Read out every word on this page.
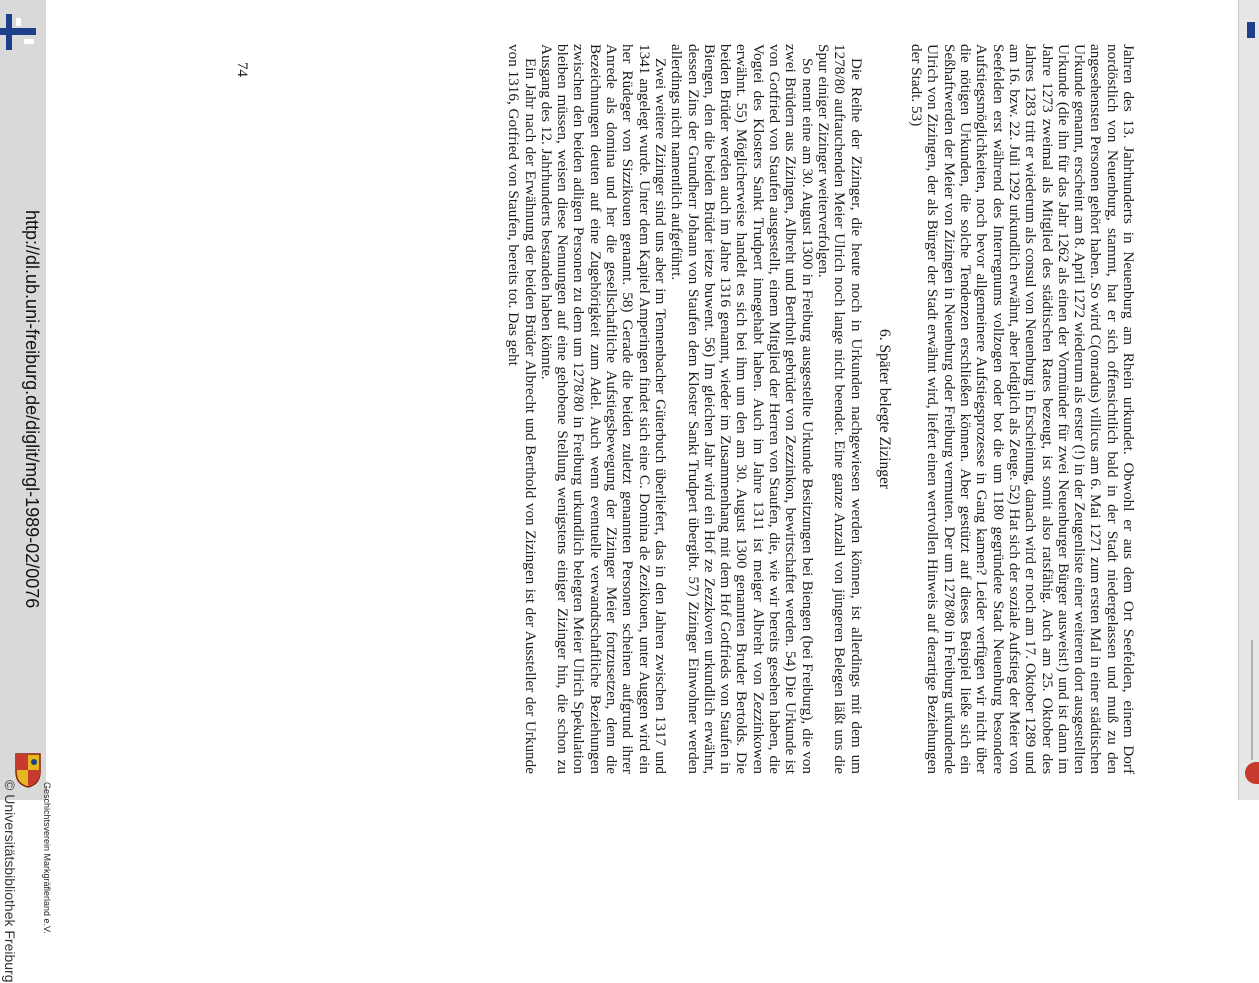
http://dl.ub.uni-freiburg.de/diglit/mgl-1989-02/0076
© Universitätsbibliothek Freiburg	Geschichtsverein Markgräflerland e.V.

Jahren des 13. Jahrhunderts in Neuenburg am Rhein urkundet. Obwohl er aus dem Ort Seefelden, einem Dorf nordöstlich von Neuenburg, stammt, hat er sich offensichtlich bald in der Stadt niedergelassen und muß zu den angesehensten Personen gehört haben. So wird C(onradus) villicus am 6. Mai 1271 zum ersten Mal in einer städtischen Urkunde genannt, erscheint am 8. April 1272 wiederum als erster (!) in der Zeugenliste einer weiteren dort ausgestellten Urkunde (die ihn für das Jahr 1262 als einen der Vormünder für zwei Neuenburger Bürger ausweist!) und ist dann im Jahre 1273 zweimal als Mitglied des städtischen Rates bezeugt, ist somit also ratsfähig. Auch am 25. Oktober des Jahres 1283 tritt er wiederum als consul von Neuenburg in Erscheinung, danach wird er noch am 17. Oktober 1289 und am 16. bzw. 22. Juli 1292 urkundlich erwähnt, aber lediglich als Zeuge. 52) Hat sich der soziale Aufstieg der Meier von Seefelden erst während des Interregnums vollzogen oder bot die um 1180 gegründete Stadt Neuenburg besondere Aufstiegsmöglichkeiten, noch bevor allgemeinere Aufstiegsprozesse in Gang kamen? Leider verfügen wir nicht über die nötigen Urkunden, die solche Tendenzen erschließen können. Aber gestützt auf dieses Beispiel ließe sich ein Seßhaftwerden der Meier von Zizingen in Neuenburg oder Freiburg vermuten. Der um 1278/80 in Freiburg urkundende Ulrich von Zizingen, der als Bürger der Stadt erwähnt wird, liefert einen wertvollen Hinweis auf derartige Beziehungen der Stadt. 53)

6. Später belegte Zizinger

Die Reihe der Zizinger, die heute noch in Urkunden nachgewiesen werden können, ist allerdings mit dem um 1278/80 auftauchenden Meier Ulrich noch lange nicht beendet. Eine ganze Anzahl von jüngeren Belegen läßt uns die Spur einiger Zizinger weiterverfolgen.

So nennt eine am 30. August 1300 in Freiburg ausgestellte Urkunde Besitzungen bei Biengen (bei Freiburg), die von zwei Brüdern aus Zizingen, Albreht und Bertholt gebrüder von Zezzinkon, bewirtschaftet werden. 54) Die Urkunde ist von Gotfried von Staufen ausgestellt, einem Mitglied der Herren von Staufen, die, wie wir bereits gesehen haben, die Vogtei des Klosters Sankt Trudpert innegehabt haben. Auch im Jahre 1311 ist meiger Albreht von Zezzinkowen erwähnt. 55) Möglicherweise handelt es sich bei ihm um den am 30. August 1300 genannten Bruder Bertolds. Die beiden Brüder werden auch im Jahre 1316 genannt, wieder im Zusammenhang mit dem Hof Gotfrieds von Staufen in Biengen, den die beiden Brüder ietze buwent. 56) Im gleichen Jahr wird ein Hof ze Zezzkoven urkundlich erwähnt, dessen Zins der Grundherr Johann von Staufen dem Kloster Sankt Trudpert übergibt. 57) Zizinger Einwohner werden allerdings nicht namentlich aufgeführt.

Zwei weitere Zizinger sind uns aber im Tennenbacher Güterbuch überliefert, das in den Jahren zwischen 1317 und 1341 angelegt wurde. Unter dem Kapitel Amperingen findet sich eine C. Domina de Zezikouen, unter Auggen wird ein her Rüdeger von Sizzikouen genannt. 58) Gerade die beiden zuletzt genannten Personen scheinen aufgrund ihrer Anrede als domina und her die gesellschaftliche Aufstiegsbewegung der Zizinger Meier fortzusetzen, denn die Bezeichnungen deuten auf eine Zugehörigkeit zum Adel. Auch wenn eventuelle verwandtschaftliche Beziehungen zwischen den beiden adligen Personen zu dem um 1278/80 in Freiburg urkundlich belegten Meier Ulrich Spekulation bleiben müssen, weisen diese Nennungen auf eine gehobene Stellung wenigstens einiger Zizinger hin, die schon zu Ausgang des 12. Jahrhunderts bestanden haben könnte.

Ein Jahr nach der Erwähnung der beiden Brüder Albrecht und Berthold von Zizingen ist der Aussteller der Urkunde von 1316, Gotfried von Staufen, bereits tot. Das geht

74
